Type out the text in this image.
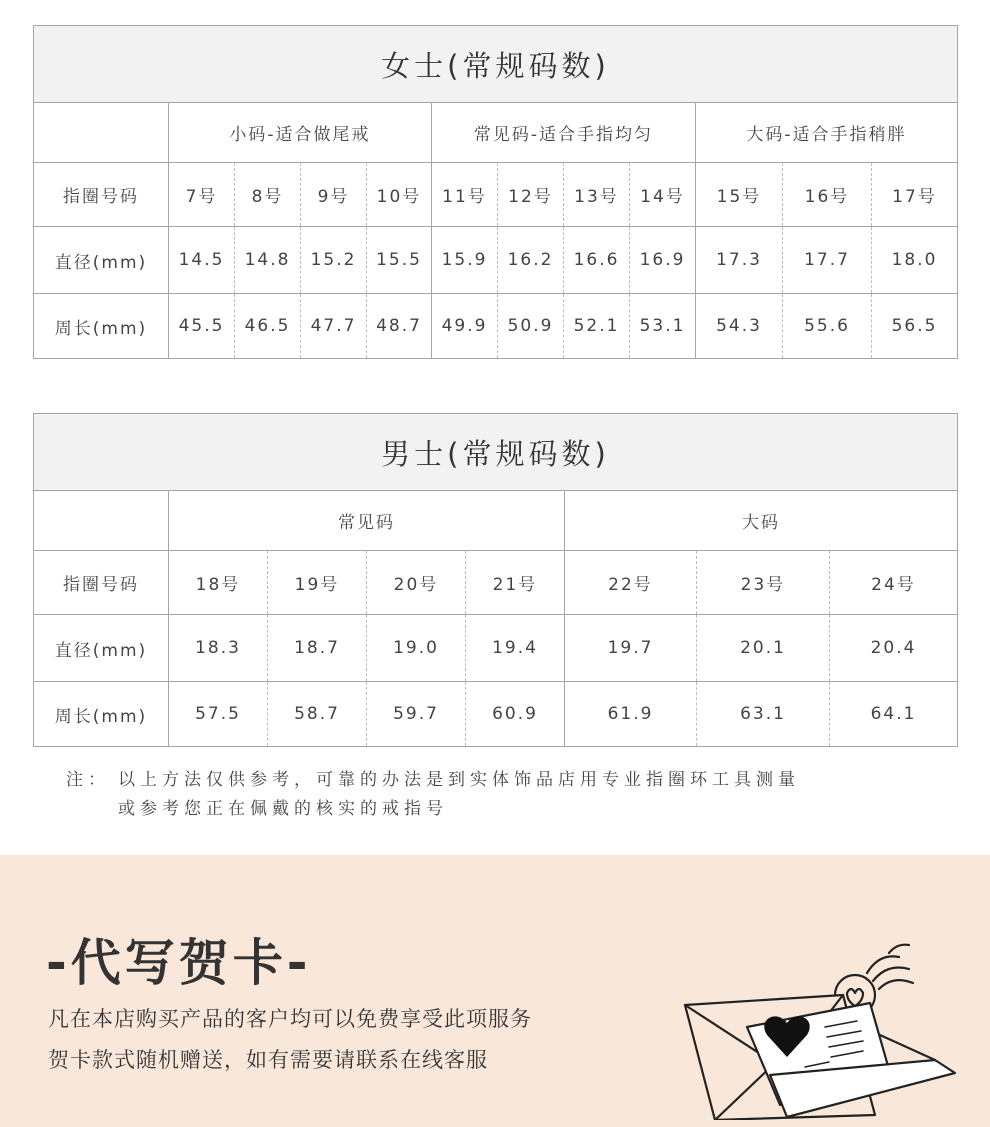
女士(常规码数)
小码-适合做尾戒	常见码-适合手指均匀	大码-适合手指稍胖
指圈号码	7号	8号	9号	10号	11号	12号	13号	14号	15号	16号	17号
直径(mm)	14.5	14.8	15.2	15.5	15.9	16.2	16.6	16.9	17.3	17.7	18.0
周长(mm)	45.5	46.5	47.7	48.7	49.9	50.9	52.1	53.1	54.3	55.6	56.5
男士(常规码数)
常见码	大码
指圈号码	18号	19号	20号	21号	22号	23号	24号
直径(mm)	18.3	18.7	19.0	19.4	19.7	20.1	20.4
周长(mm)	57.5	58.7	59.7	60.9	61.9	63.1	64.1
注： 以上方法仅供参考，可靠的办法是到实体饰品店用专业指圈环工具测量
或参考您正在佩戴的核实的戒指号
-代写贺卡-
凡在本店购买产品的客户均可以免费享受此项服务
贺卡款式随机赠送，如有需要请联系在线客服
